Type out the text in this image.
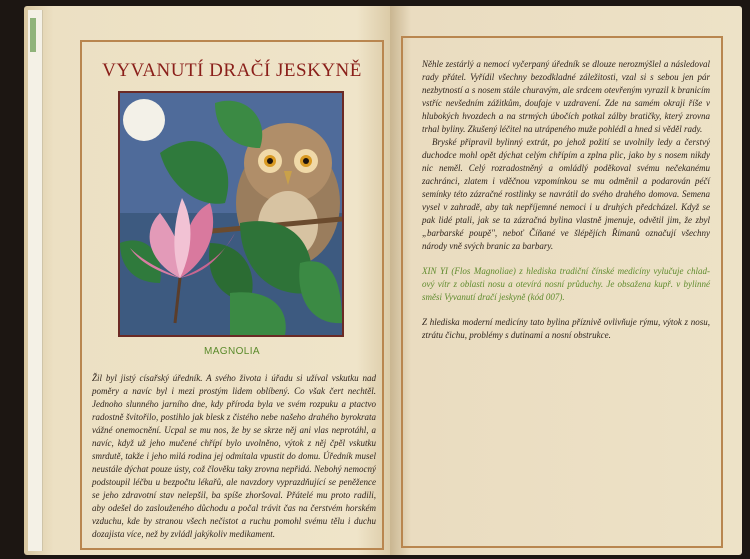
VYVANUTÍ DRAČÍ JESKYNĚ
MAGNOLIA
Žil byl jistý císařský úředník. A svého života i úřadu si užíval vskutku nad poměry a navíc byl i mezi prostým lidem oblíbený. Co však čert nechtěl. Jednoho slunného jarního dne, kdy příroda byla ve svém rozpuku a ptactvo radostně švitořilo, postihlo jak blesk z čistého nebe našeho drahého byrokrata vážné onemocnění. Ucpal se mu nos, že by se skrze něj ani vlas neprotáhl, a navíc, když už jeho mučené chřípí bylo uvolněno, výtok z něj čpěl vskutku smrdutě, takže i jeho milá rodina jej odmítala vpustit do domu. Úředník musel neustále dýchat pouze ústy, což člověku taky zrovna nepřidá. Nebohý nemocný podstoupil léčbu u bezpočtu lékařů, ale navzdory vyprazdňující se peněžence se jeho zdravotní stav nelepšil, ba spíše zhoršoval. Přátelé mu proto radili, aby odešel do zaslouženého důchodu a počal trávit čas na čerstvém horském vzduchu, kde by stranou všech nečistot a ruchu pomohl svému tělu i duchu dozajista více, než by zvládl jakýkoliv medikament.

Něhle zestárlý a nemocí vyčerpaný úředník se dlouze nerozmýšlel a následoval rady přátel. Vyřídil všechny bezodkladné záležitosti, vzal si s sebou jen pár nezbytností a s nosem stále churavým, ale srdcem otevřeným vyrazil k branicím vstříc nevšedním zážitkům, doufaje v uzdravení. Zde na samém okraji říše v hlubokých hvozdech a na strmých úbočích potkal zálby bratičky, který zrovna trhal byliny. Zkušený léčitel na utrápeného muže pohlédl a hned si věděl rady.

Bryské připravil bylinný extrát, po jehož požití se uvolnily ledy a čerstvý duchodce mohl opět dýchat celým chřípím a zplna plic, jako by s nosem nikdy nic neměl. Celý rozradostněný a omládlý poděkoval svému nečekanému zachránci, zlatem i vděčnou vzpomínkou se mu odměnil a podarován péčí semínky této zázračné rostlinky se navrátil do svého drahého domova. Semena vysel v zahradě, aby tak nepříjemné nemoci i u druhých předcházel. Když se pak lidé ptali, jak se ta zázračná bylina vlastně jmenuje, odvětil jim, že zbyl „barbarské poupě", neboť Číňané ve šlépějích Římanů označují všechny národy vně svých branic za barbary.

XIN YI (Flos Magnoliae) z hlediska tradiční čínské medicíny vylučuje chlad- ový vítr z oblasti nosu a otevírá nosní průduchy. Je obsažena kupř. v bylinné směsi Vyvanutí dračí jeskyně (kód 007).

Z hlediska moderní medicíny tato bylina příznivě ovlivňuje rýmu, výtok z nosu, ztrátu čichu, problémy s dutinami a nosní obstrukce.
